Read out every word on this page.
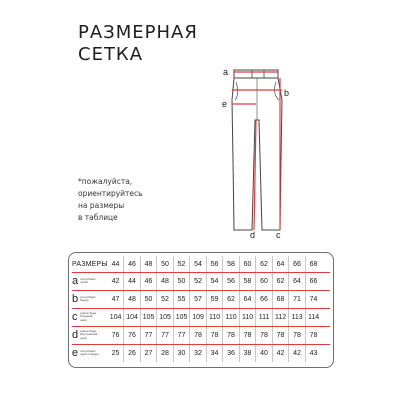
РАЗМЕРНАЯ
СЕТКА
a
b
e
d c
*пожалуйста,
ориентируйтесь
на размеры
в таблице
РАЗМЕРЫ	44	46	48	50	52	54	56	58	60	62	64	66	68
a полуобхват талии	42	44	46	48	50	52	54	56	58	60	62	64	66
b полуобхват бедер	47	48	50	52	55	57	59	62	64	66	68	71	74
c длина брюк (боковой шов)	104	104	105	105	105	109	110	110	110	111	112	113	114
d длина брюк (внутренний шов)	76	76	77	77	77	78	78	78	78	78	78	78	78
e полуобхват одного бедра	25	26	27	28	30	32	34	36	38	40	42	42	43
